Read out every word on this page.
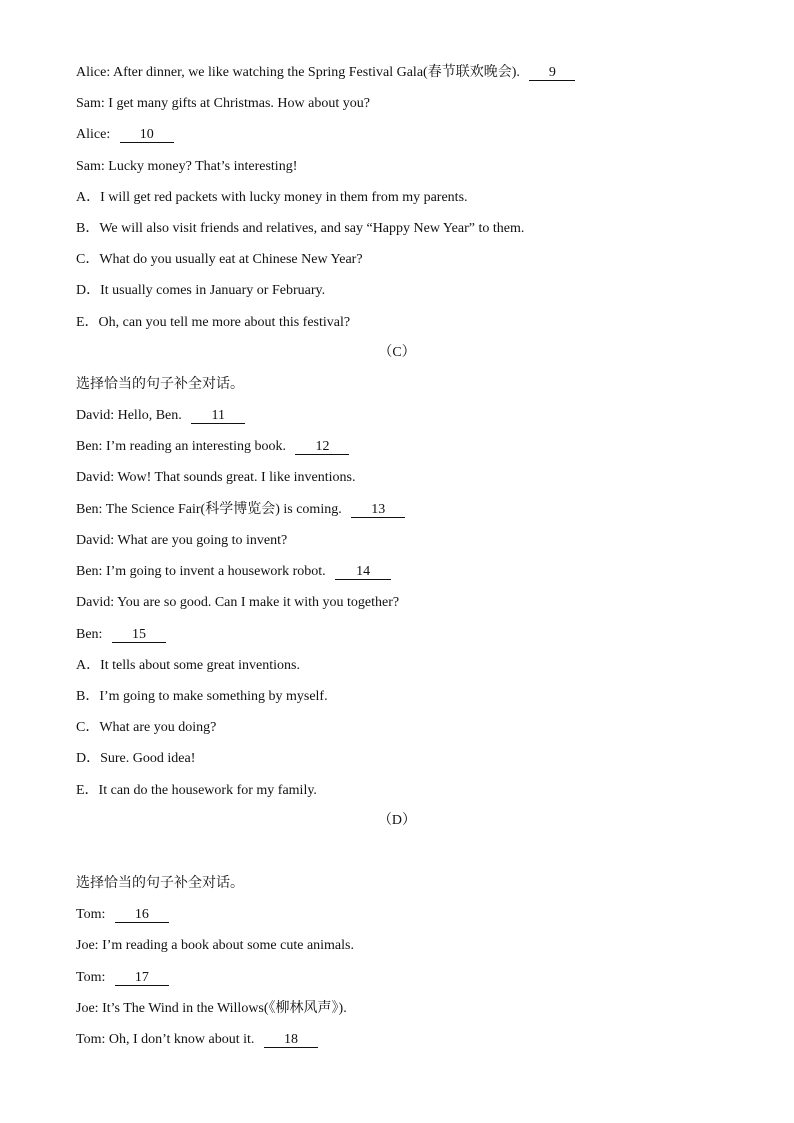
Alice: After dinner, we like watching the Spring Festival Gala(春节联欢晚会). 9
Sam: I get many gifts at Christmas. How about you?
Alice: 10
Sam: Lucky money? That’s interesting!
A．I will get red packets with lucky money in them from my parents.
B．We will also visit friends and relatives, and say “Happy New Year” to them.
C．What do you usually eat at Chinese New Year?
D．It usually comes in January or February.
E．Oh, can you tell me more about this festival?
（C）
选择恰当的句子补全对话。
David: Hello, Ben. 11
Ben: I’m reading an interesting book. 12
David: Wow! That sounds great. I like inventions.
Ben: The Science Fair(科学博览会) is coming. 13
David: What are you going to invent?
Ben: I’m going to invent a housework robot. 14
David: You are so good. Can I make it with you together?
Ben: 15
A．It tells about some great inventions.
B．I’m going to make something by myself.
C．What are you doing?
D．Sure. Good idea!
E．It can do the housework for my family.
（D）
选择恰当的句子补全对话。
Tom: 16
Joe: I’m reading a book about some cute animals.
Tom: 17
Joe: It’s The Wind in the Willows(《柳林风声》).
Tom: Oh, I don’t know about it. 18
